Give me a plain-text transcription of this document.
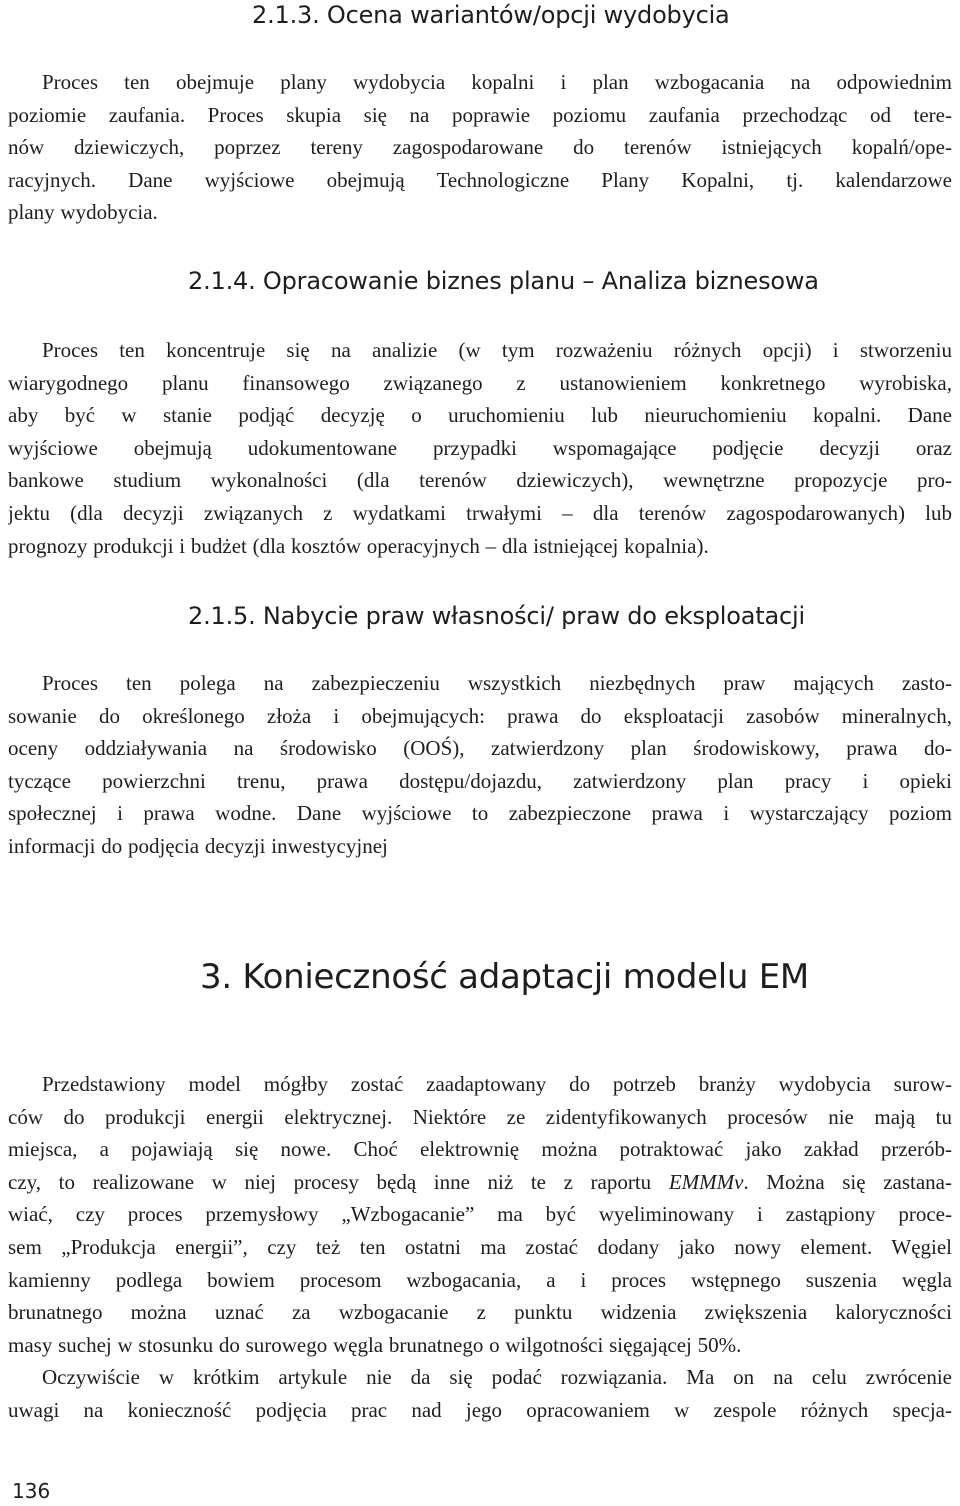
2.1.3. Ocena wariantów/opcji wydobycia
Proces ten obejmuje plany wydobycia kopalni i plan wzbogacania na odpowiednim
poziomie zaufania. Proces skupia się na poprawie poziomu zaufania przechodząc od tere-
nów dziewiczych, poprzez tereny zagospodarowane do terenów istniejących kopalń/ope-
racyjnych. Dane wyjściowe obejmują Technologiczne Plany Kopalni, tj. kalendarzowe
plany wydobycia.
2.1.4. Opracowanie biznes planu – Analiza biznesowa
Proces ten koncentruje się na analizie (w tym rozważeniu różnych opcji) i stworzeniu
wiarygodnego planu finansowego związanego z ustanowieniem konkretnego wyrobiska,
aby być w stanie podjąć decyzję o uruchomieniu lub nieuruchomieniu kopalni. Dane
wyjściowe obejmują udokumentowane przypadki wspomagające podjęcie decyzji oraz
bankowe studium wykonalności (dla terenów dziewiczych), wewnętrzne propozycje pro-
jektu (dla decyzji związanych z wydatkami trwałymi – dla terenów zagospodarowanych) lub
prognozy produkcji i budżet (dla kosztów operacyjnych – dla istniejącej kopalnia).
2.1.5. Nabycie praw własności/ praw do eksploatacji
Proces ten polega na zabezpieczeniu wszystkich niezbędnych praw mających zasto-
sowanie do określonego złoża i obejmujących: prawa do eksploatacji zasobów mineralnych,
oceny oddziaływania na środowisko (OOŚ), zatwierdzony plan środowiskowy, prawa do-
tyczące powierzchni trenu, prawa dostępu/dojazdu, zatwierdzony plan pracy i opieki
społecznej i prawa wodne. Dane wyjściowe to zabezpieczone prawa i wystarczający poziom
informacji do podjęcia decyzji inwestycyjnej
3. Konieczność adaptacji modelu EM
Przedstawiony model mógłby zostać zaadaptowany do potrzeb branży wydobycia surow-
ców do produkcji energii elektrycznej. Niektóre ze zidentyfikowanych procesów nie mają tu
miejsca, a pojawiają się nowe. Choć elektrownię można potraktować jako zakład przerób-
czy, to realizowane w niej procesy będą inne niż te z raportu EMMMv. Można się zastana-
wiać, czy proces przemysłowy „Wzbogacanie” ma być wyeliminowany i zastąpiony proce-
sem „Produkcja energii”, czy też ten ostatni ma zostać dodany jako nowy element. Węgiel
kamienny podlega bowiem procesom wzbogacania, a i proces wstępnego suszenia węgla
brunatnego można uznać za wzbogacanie z punktu widzenia zwiększenia kaloryczności
masy suchej w stosunku do surowego węgla brunatnego o wilgotności sięgającej 50%.
Oczywiście w krótkim artykule nie da się podać rozwiązania. Ma on na celu zwrócenie
uwagi na konieczność podjęcia prac nad jego opracowaniem w zespole różnych specja-
136
